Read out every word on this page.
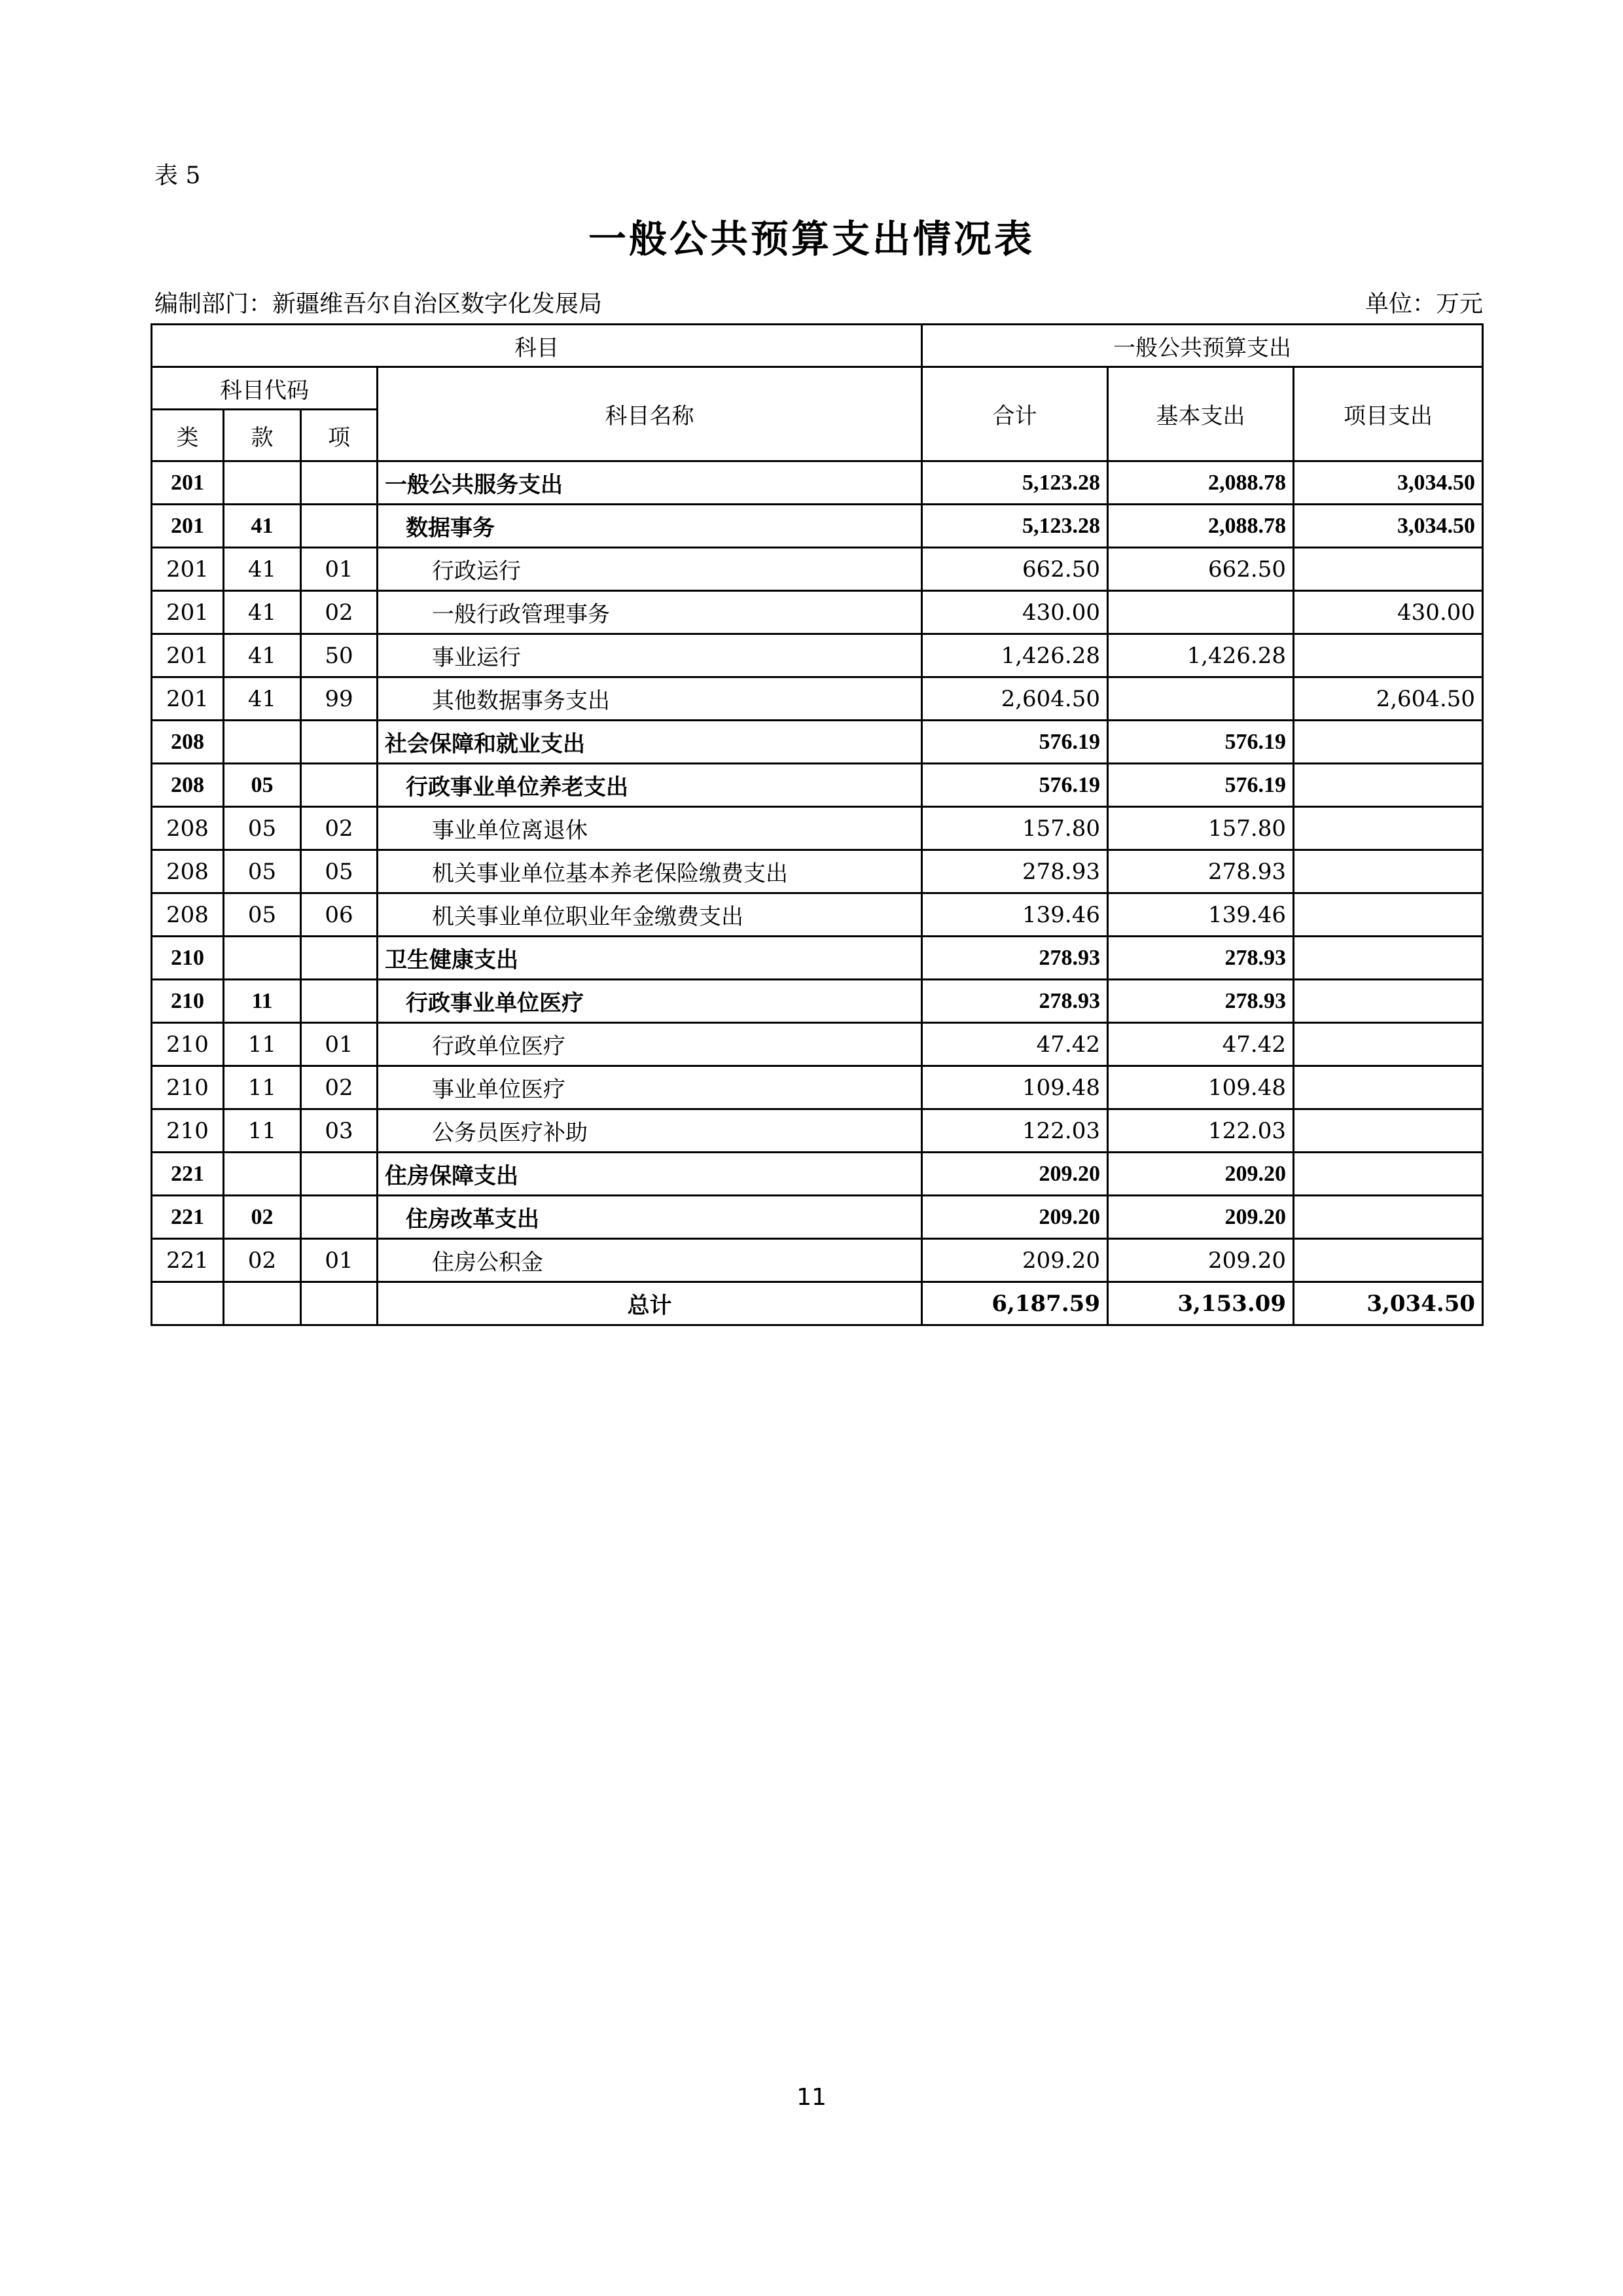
表 5
一般公共预算支出情况表
编制部门：新疆维吾尔自治区数字化发展局	单位：万元
科目				一般公共预算支出		
科目代码			科目名称	合计	基本支出	项目支出
类	款	项				
201			一般公共服务支出	5,123.28	2,088.78	3,034.50
201	41		数据事务	5,123.28	2,088.78	3,034.50
201	41	01	行政运行	662.50	662.50	
201	41	02	一般行政管理事务	430.00		430.00
201	41	50	事业运行	1,426.28	1,426.28	
201	41	99	其他数据事务支出	2,604.50		2,604.50
208			社会保障和就业支出	576.19	576.19	
208	05		行政事业单位养老支出	576.19	576.19	
208	05	02	事业单位离退休	157.80	157.80	
208	05	05	机关事业单位基本养老保险缴费支出	278.93	278.93	
208	05	06	机关事业单位职业年金缴费支出	139.46	139.46	
210			卫生健康支出	278.93	278.93	
210	11		行政事业单位医疗	278.93	278.93	
210	11	01	行政单位医疗	47.42	47.42	
210	11	02	事业单位医疗	109.48	109.48	
210	11	03	公务员医疗补助	122.03	122.03	
221			住房保障支出	209.20	209.20	
221	02		住房改革支出	209.20	209.20	
221	02	01	住房公积金	209.20	209.20	
			总计	6,187.59	3,153.09	3,034.50
11
